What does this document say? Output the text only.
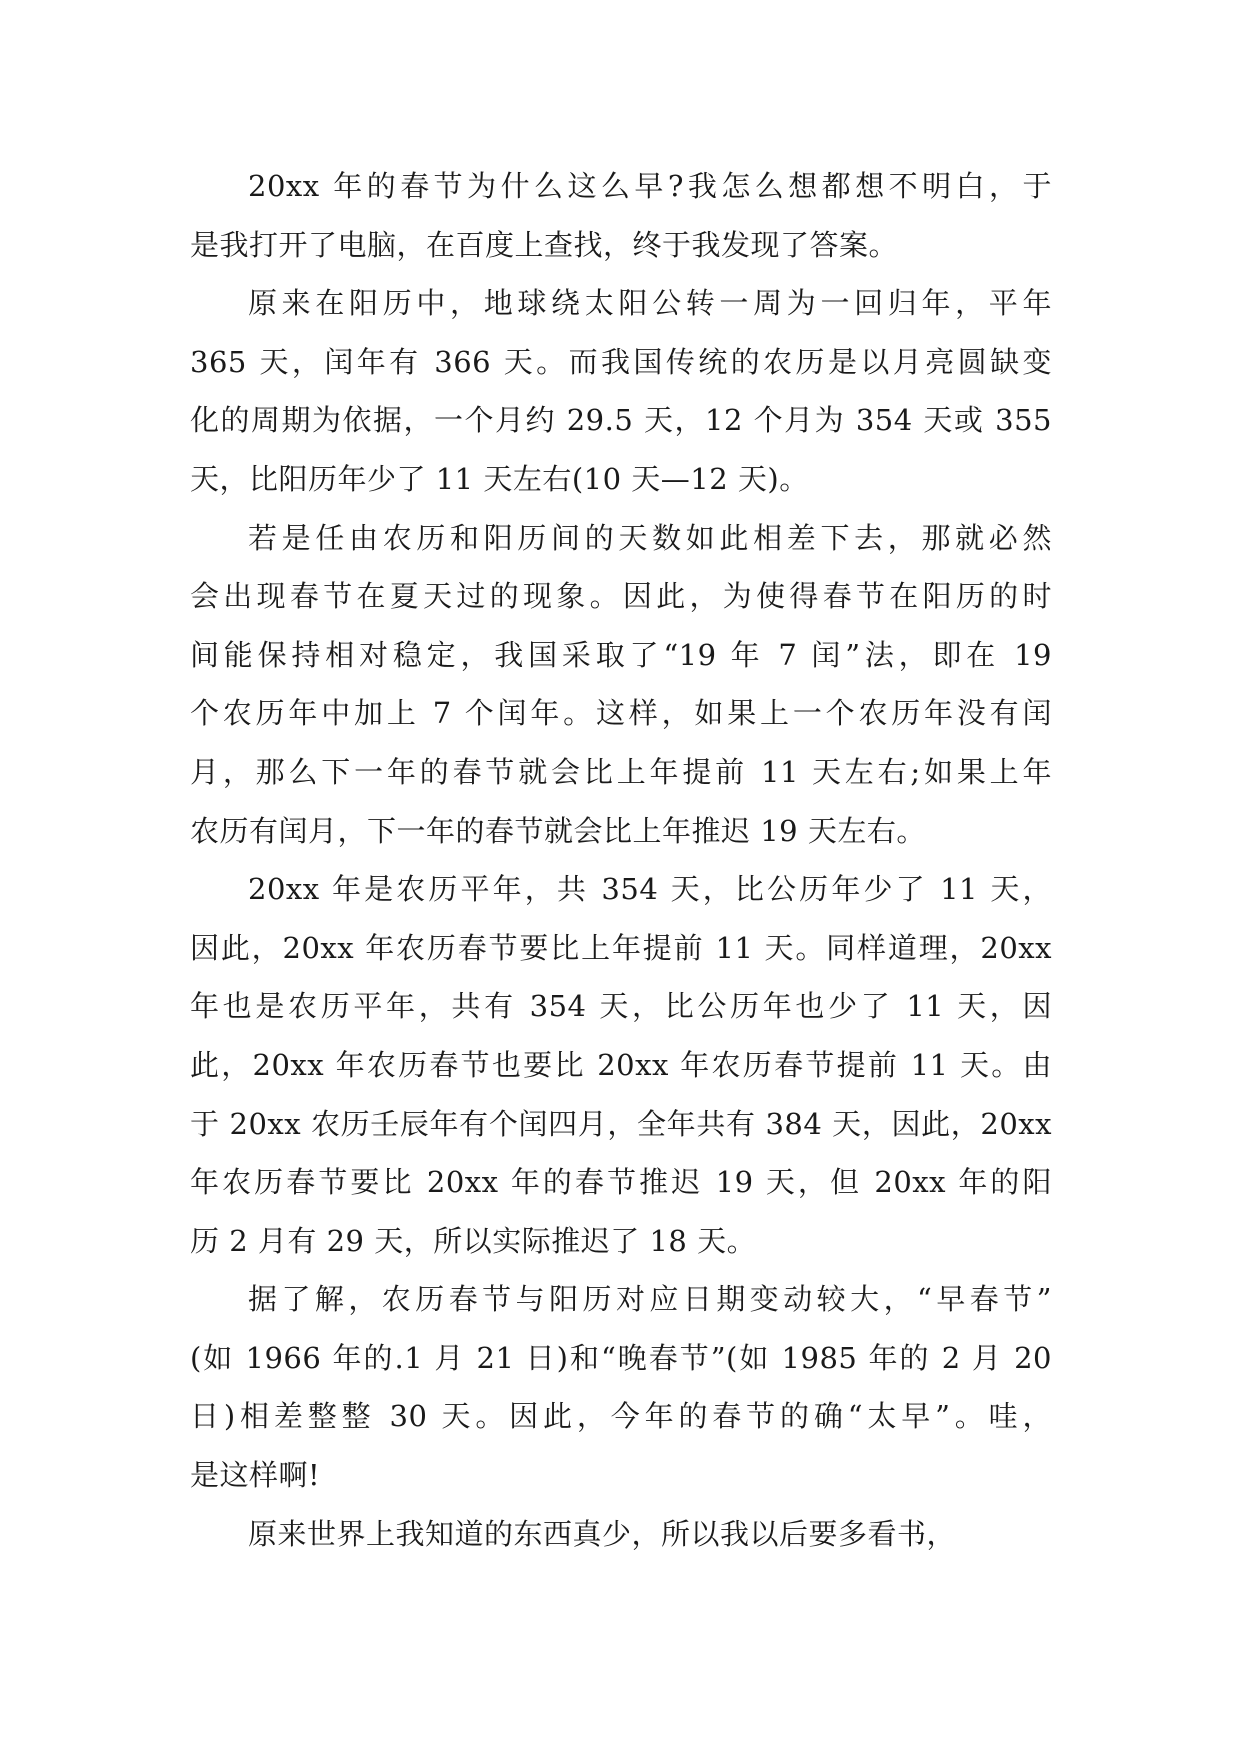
20xx 年的春节为什么这么早?我怎么想都想不明白，于
是我打开了电脑，在百度上查找，终于我发现了答案。
原来在阳历中，地球绕太阳公转一周为一回归年，平年
365 天，闰年有 366 天。而我国传统的农历是以月亮圆缺变
化的周期为依据，一个月约 29.5 天，12 个月为 354 天或 355
天，比阳历年少了 11 天左右(10 天—12 天)。
若是任由农历和阳历间的天数如此相差下去，那就必然
会出现春节在夏天过的现象。因此，为使得春节在阳历的时
间能保持相对稳定，我国采取了“19 年 7 闰”法，即在 19
个农历年中加上 7 个闰年。这样，如果上一个农历年没有闰
月，那么下一年的春节就会比上年提前 11 天左右;如果上年
农历有闰月，下一年的春节就会比上年推迟 19 天左右。
20xx 年是农历平年，共 354 天，比公历年少了 11 天，
因此，20xx 年农历春节要比上年提前 11 天。同样道理，20xx
年也是农历平年，共有 354 天，比公历年也少了 11 天，因
此，20xx 年农历春节也要比 20xx 年农历春节提前 11 天。由
于 20xx 农历壬辰年有个闰四月，全年共有 384 天，因此，20xx
年农历春节要比 20xx 年的春节推迟 19 天，但 20xx 年的阳
历 2 月有 29 天，所以实际推迟了 18 天。
据了解，农历春节与阳历对应日期变动较大，“早春节”
(如 1966 年的.1 月 21 日)和“晚春节”(如 1985 年的 2 月 20
日)相差整整 30 天。因此，今年的春节的确“太早”。哇，
是这样啊!
原来世界上我知道的东西真少，所以我以后要多看书，
